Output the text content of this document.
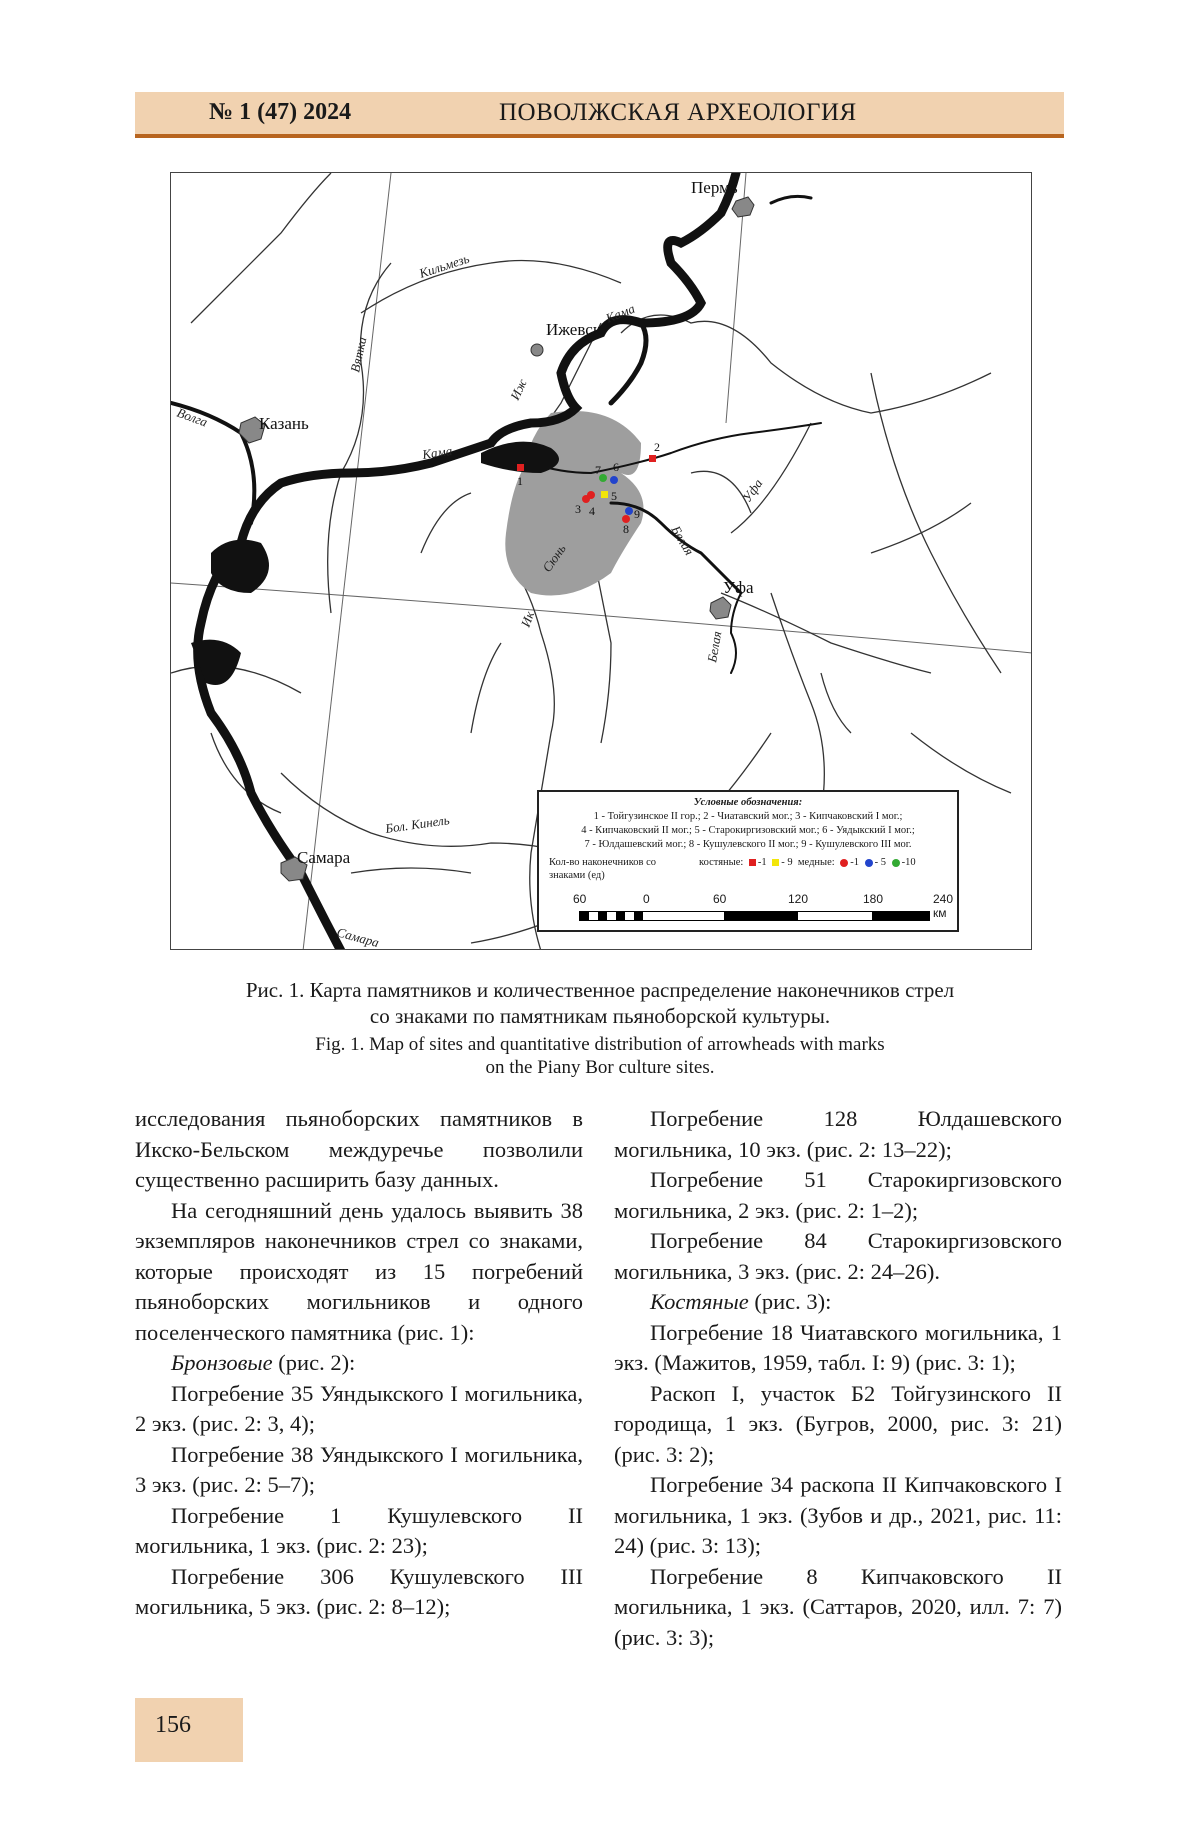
№ 1 (47) 2024	ПОВОЛЖСКАЯ АРХЕОЛОГИЯ
1
2
3 4
5
6
7
8
9
Пермь
Ижевск
Казань
Уфа
Самара
Кильмезь
Кама
Вятка
Иж
Волга
Кама
Уфа
Белая
Сюнь
Ик
Белая
Бол. Кинель
Самара
Условные обозначения:
1 - Тойгузинское II гор.; 2 - Чиатавский мог.; 3 - Кипчаковский I мог.;
4 - Кипчаковский II мог.; 5 - Старокиргизовский мог.; 6 - Уядыкский I мог.;
7 - Юлдашевский мог.; 8 - Кушулевского II мог.; 9 - Кушулевского III мог.
Кол-во наконечников со знаками (ед)
костяные: -1 - 9 медные: -1 - 5 -10
60	0	60	120	180	240 км
Рис. 1. Карта памятников и количественное распределение наконечников стрел
со знаками по памятникам пьяноборской культуры.
Fig. 1. Map of sites and quantitative distribution of arrowheads with marks
on the Piany Bor culture sites.

исследования пьяноборских памятников в Икско-Бельском междуречье позволили существенно расширить базу данных.

На сегодняшний день удалось выявить 38 экземпляров наконечников стрел со знаками, которые происходят из 15 погребений пьяноборских могильников и одного поселенческого памятника (рис. 1):

Бронзовые (рис. 2):

Погребение 35 Уяндыкского I могильника, 2 экз. (рис. 2: 3, 4);

Погребение 38 Уяндыкского I могильника, 3 экз. (рис. 2: 5–7);

Погребение 1 Кушулевского II могильника, 1 экз. (рис. 2: 23);

Погребение 306 Кушулевского III могильника, 5 экз. (рис. 2: 8–12);

Погребение 128 Юлдашевского могильника, 10 экз. (рис. 2: 13–22);

Погребение 51 Старокиргизовского могильника, 2 экз. (рис. 2: 1–2);

Погребение 84 Старокиргизовского могильника, 3 экз. (рис. 2: 24–26).

Костяные (рис. 3):

Погребение 18 Чиатавского могильника, 1 экз. (Мажитов, 1959, табл. I: 9) (рис. 3: 1);

Раскоп I, участок Б2 Тойгузинского II городища, 1 экз. (Бугров, 2000, рис. 3: 21) (рис. 3: 2);

Погребение 34 раскопа II Кипчаковского I могильника, 1 экз. (Зубов и др., 2021, рис. 11: 24) (рис. 3: 13);

Погребение 8 Кипчаковского II могильника, 1 экз. (Саттаров, 2020, илл. 7: 7) (рис. 3: 3);

156
